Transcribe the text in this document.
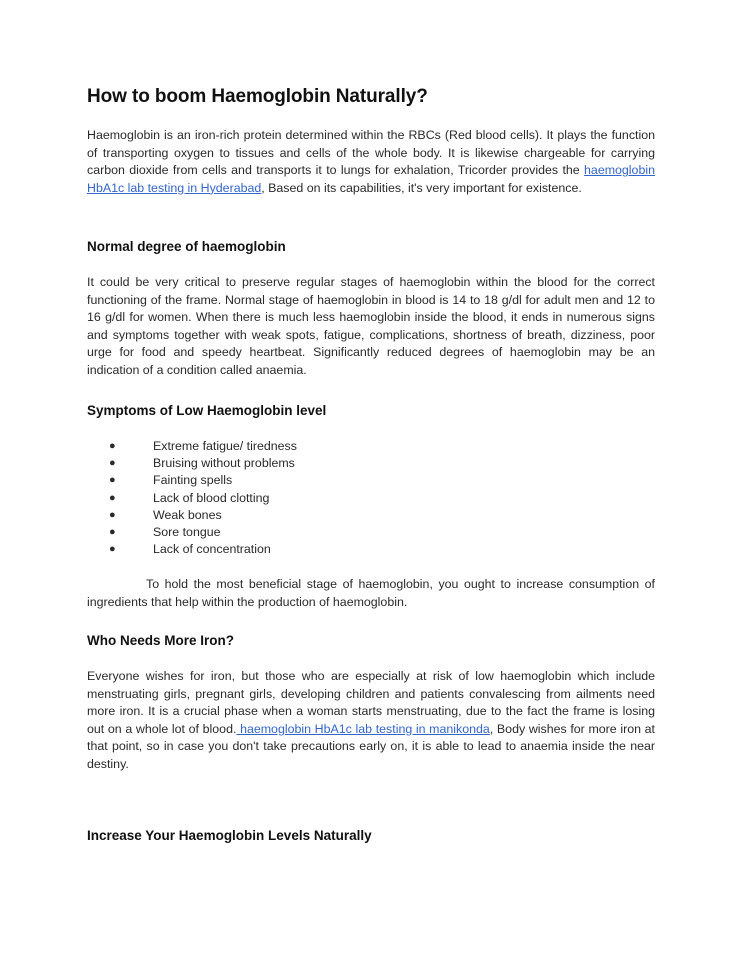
How to boom Haemoglobin Naturally?

Haemoglobin is an iron-rich protein determined within the RBCs (Red blood cells). It plays the function of transporting oxygen to tissues and cells of the whole body. It is likewise chargeable for carrying carbon dioxide from cells and transports it to lungs for exhalation, Tricorder provides the haemoglobin HbA1c lab testing in Hyderabad, Based on its capabilities, it's very important for existence.

Normal degree of haemoglobin

It could be very critical to preserve regular stages of haemoglobin within the blood for the correct functioning of the frame. Normal stage of haemoglobin in blood is 14 to 18 g/dl for adult men and 12 to 16 g/dl for women. When there is much less haemoglobin inside the blood, it ends in numerous signs and symptoms together with weak spots, fatigue, complications, shortness of breath, dizziness, poor urge for food and speedy heartbeat. Significantly reduced degrees of haemoglobin may be an indication of a condition called anaemia.

Symptoms of Low Haemoglobin level
●	Extreme fatigue/ tiredness
●	Bruising without problems
●	Fainting spells
●	Lack of blood clotting
●	Weak bones
●	Sore tongue
●	Lack of concentration

To hold the most beneficial stage of haemoglobin, you ought to increase consumption of ingredients that help within the production of haemoglobin.

Who Needs More Iron?

Everyone wishes for iron, but those who are especially at risk of low haemoglobin which include menstruating girls, pregnant girls, developing children and patients convalescing from ailments need more iron. It is a crucial phase when a woman starts menstruating, due to the fact the frame is losing out on a whole lot of blood. haemoglobin HbA1c lab testing in manikonda, Body wishes for more iron at that point, so in case you don't take precautions early on, it is able to lead to anaemia inside the near destiny.

Increase Your Haemoglobin Levels Naturally
